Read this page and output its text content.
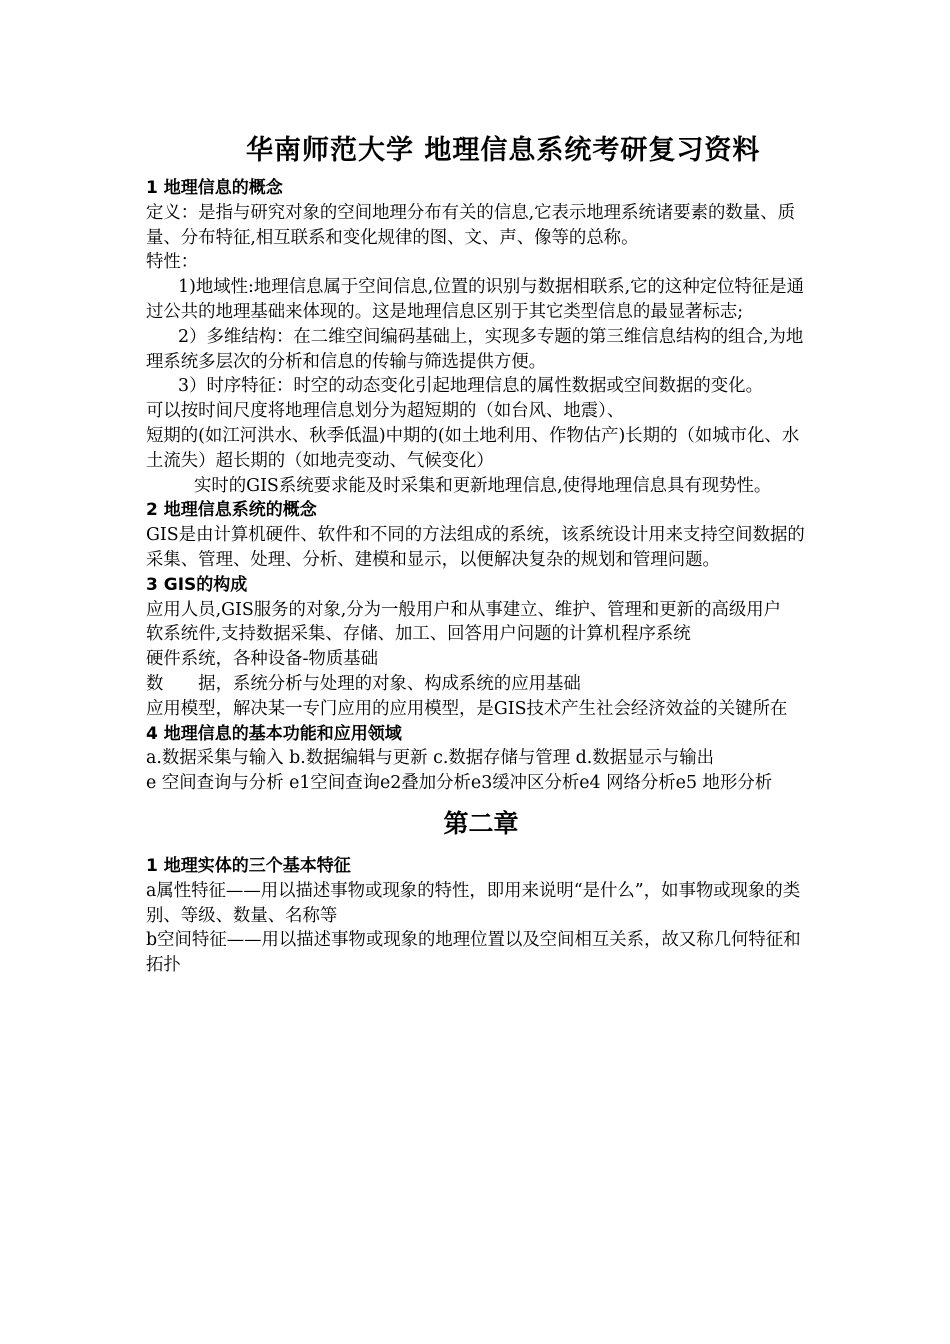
华南师范大学 地理信息系统考研复习资料
1 地理信息的概念
定义：是指与研究对象的空间地理分布有关的信息,它表示地理系统诸要素的数量、质量、分布特征,相互联系和变化规律的图、文、声、像等的总称。
特性：
1)地域性:地理信息属于空间信息,位置的识别与数据相联系,它的这种定位特征是通过公共的地理基础来体现的。这是地理信息区别于其它类型信息的最显著标志;
2）多维结构：在二维空间编码基础上，实现多专题的第三维信息结构的组合,为地理系统多层次的分析和信息的传输与筛选提供方便。
3）时序特征：时空的动态变化引起地理信息的属性数据或空间数据的变化。
可以按时间尺度将地理信息划分为超短期的（如台风、地震）、
短期的(如江河洪水、秋季低温)中期的(如土地利用、作物估产)长期的（如城市化、水土流失）超长期的（如地壳变动、气候变化）
实时的GIS系统要求能及时采集和更新地理信息,使得地理信息具有现势性。
2 地理信息系统的概念
GIS是由计算机硬件、软件和不同的方法组成的系统，该系统设计用来支持空间数据的采集、管理、处理、分析、建模和显示，以便解决复杂的规划和管理问题。
3 GIS的构成
应用人员,GIS服务的对象,分为一般用户和从事建立、维护、管理和更新的高级用户
软系统件,支持数据采集、存储、加工、回答用户问题的计算机程序系统
硬件系统，各种设备-物质基础
数　　据，系统分析与处理的对象、构成系统的应用基础
应用模型，解决某一专门应用的应用模型，是GIS技术产生社会经济效益的关键所在
4 地理信息的基本功能和应用领域
a.数据采集与输入 b.数据编辑与更新 c.数据存储与管理 d.数据显示与输出
e 空间查询与分析 e1空间查询e2叠加分析e3缓冲区分析e4 网络分析e5 地形分析
第二章
1 地理实体的三个基本特征
a属性特征——用以描述事物或现象的特性，即用来说明“是什么”，如事物或现象的类别、等级、数量、名称等
b空间特征——用以描述事物或现象的地理位置以及空间相互关系，故又称几何特征和拓扑
